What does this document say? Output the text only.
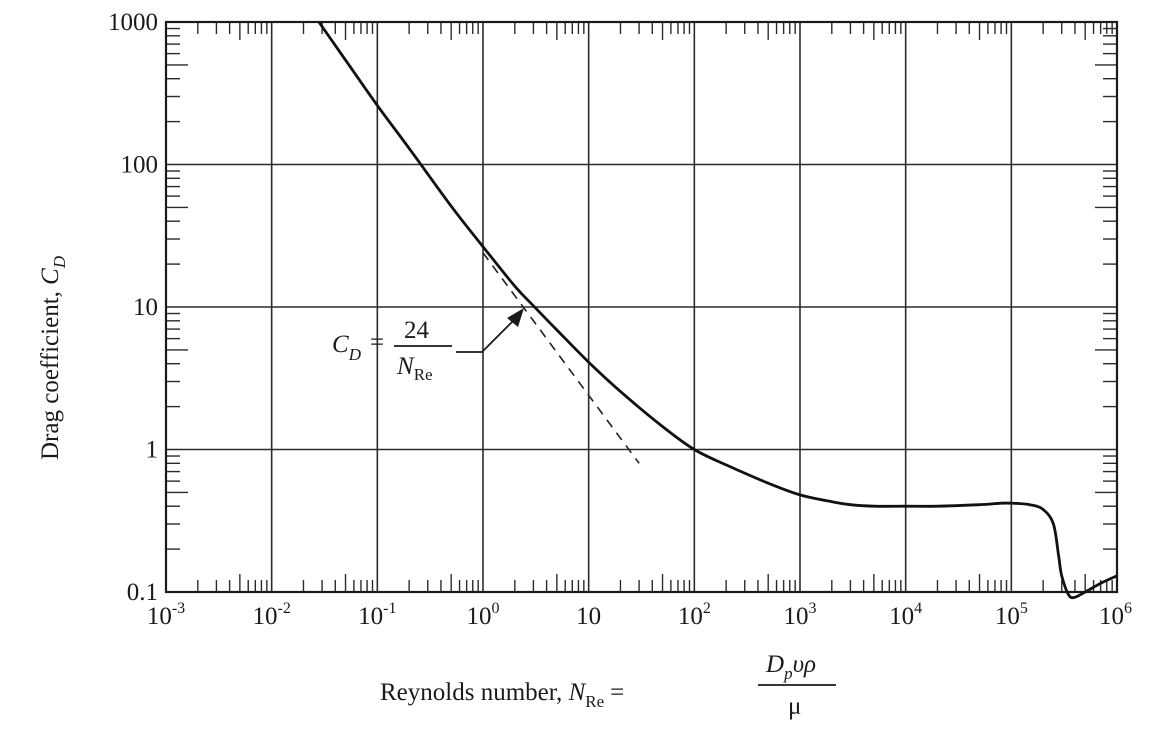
0.1
1
10
100
1000
$10^{-3}$	$10^{-2}$	$10^{-1}$	$10^0$	10	$10^2$	$10^3$	$10^4$	$10^5$	$10^6$
$C_D = 24$
$N_{Re}$
Drag coefficient, $C_D$
Reynolds number, $N_{Re}$ =
$D_p\upsilon\rho$
μ
